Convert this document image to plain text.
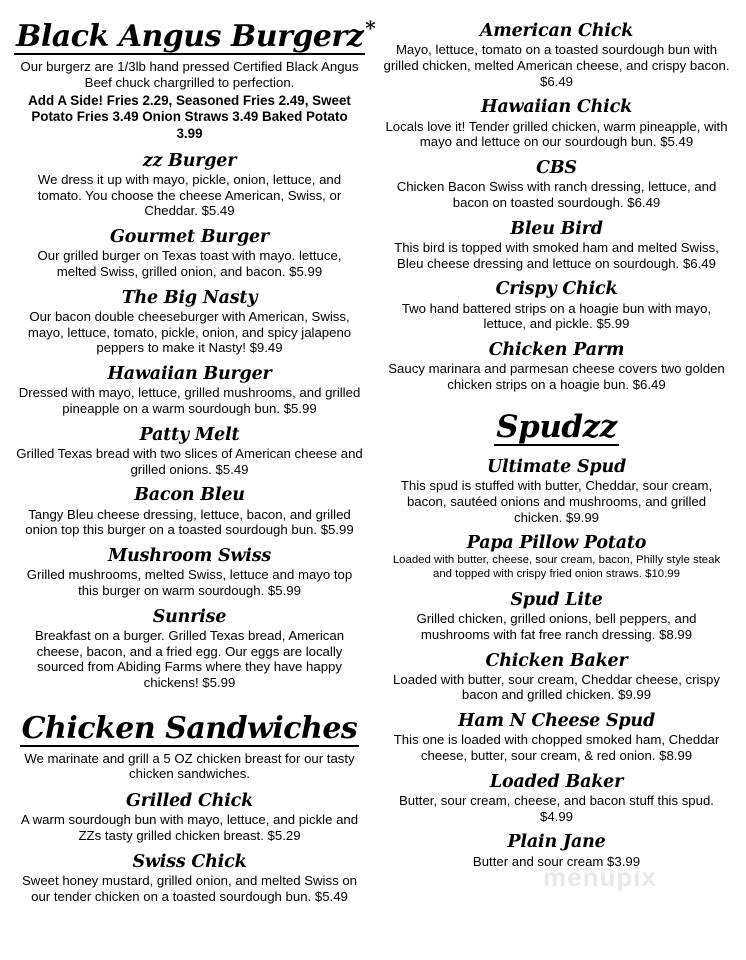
Black Angus Burgerz *

Our burgerz are 1/3lb hand pressed Certified Black Angus Beef chuck chargrilled to perfection.

Add A Side! Fries 2.29, Seasoned Fries 2.49, Sweet Potato Fries 3.49 Onion Straws 3.49 Baked Potato 3.99

zz Burger
We dress it up with mayo, pickle, onion, lettuce, and tomato. You choose the cheese American, Swiss, or Cheddar. $5.49
Gourmet Burger
Our grilled burger on Texas toast with mayo. lettuce, melted Swiss, grilled onion, and bacon. $5.99
The Big Nasty
Our bacon double cheeseburger with American, Swiss, mayo, lettuce, tomato, pickle, onion, and spicy jalapeno peppers to make it Nasty! $9.49
Hawaiian Burger
Dressed with mayo, lettuce, grilled mushrooms, and grilled pineapple on a warm sourdough bun. $5.99
Patty Melt
Grilled Texas bread with two slices of American cheese and grilled onions. $5.49
Bacon Bleu
Tangy Bleu cheese dressing, lettuce, bacon, and grilled onion top this burger on a toasted sourdough bun. $5.99
Mushroom Swiss
Grilled mushrooms, melted Swiss, lettuce and mayo top this burger on warm sourdough. $5.99
Sunrise
Breakfast on a burger. Grilled Texas bread, American cheese, bacon, and a fried egg. Our eggs are locally sourced from Abiding Farms where they have happy chickens! $5.99
Chicken Sandwiches

We marinate and grill a 5 OZ chicken breast for our tasty chicken sandwiches.

Grilled Chick
A warm sourdough bun with mayo, lettuce, and pickle and ZZs tasty grilled chicken breast. $5.29
Swiss Chick
Sweet honey mustard, grilled onion, and melted Swiss on our tender chicken on a toasted sourdough bun. $5.49
American Chick
Mayo, lettuce, tomato on a toasted sourdough bun with grilled chicken, melted American cheese, and crispy bacon. $6.49
Hawaiian Chick
Locals love it! Tender grilled chicken, warm pineapple, with mayo and lettuce on our sourdough bun. $5.49
CBS
Chicken Bacon Swiss with ranch dressing, lettuce, and bacon on toasted sourdough. $6.49
Bleu Bird
This bird is topped with smoked ham and melted Swiss, Bleu cheese dressing and lettuce on sourdough. $6.49
Crispy Chick
Two hand battered strips on a hoagie bun with mayo, lettuce, and pickle. $5.99
Chicken Parm
Saucy marinara and parmesan cheese covers two golden chicken strips on a hoagie bun. $6.49
Spudzz
Ultimate Spud
This spud is stuffed with butter, Cheddar, sour cream, bacon, sautéed onions and mushrooms, and grilled chicken. $9.99
Papa Pillow Potato
Loaded with butter, cheese, sour cream, bacon, Philly style steak and topped with crispy fried onion straws. $10.99
Spud Lite
Grilled chicken, grilled onions, bell peppers, and mushrooms with fat free ranch dressing. $8.99
Chicken Baker
Loaded with butter, sour cream, Cheddar cheese, crispy bacon and grilled chicken. $9.99
Ham N Cheese Spud
This one is loaded with chopped smoked ham, Cheddar cheese, butter, sour cream, & red onion. $8.99
Loaded Baker
Butter, sour cream, cheese, and bacon stuff this spud. $4.99
Plain Jane
Butter and sour cream $3.99
menupix
